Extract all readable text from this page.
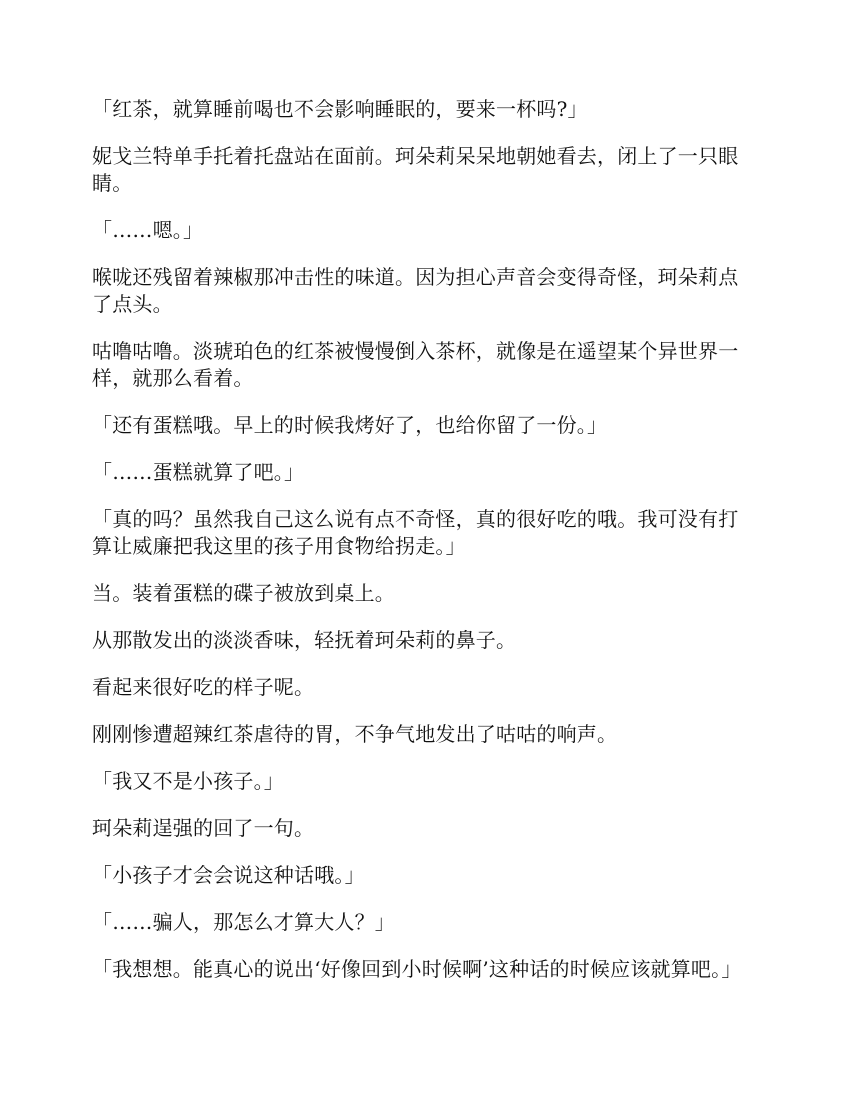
「红茶，就算睡前喝也不会影响睡眠的，要来一杯吗?」

妮戈兰特单手托着托盘站在面前。珂朵莉呆呆地朝她看去，闭上了一只眼睛。

「……嗯。」

喉咙还残留着辣椒那冲击性的味道。因为担心声音会变得奇怪，珂朵莉点了点头。

咕噜咕噜。淡琥珀色的红茶被慢慢倒入茶杯，就像是在遥望某个异世界一样，就那么看着。

「还有蛋糕哦。早上的时候我烤好了，也给你留了一份。」

「……蛋糕就算了吧。」

「真的吗？虽然我自己这么说有点不奇怪，真的很好吃的哦。我可没有打算让威廉把我这里的孩子用食物给拐走。」

当。装着蛋糕的碟子被放到桌上。

从那散发出的淡淡香味，轻抚着珂朵莉的鼻子。

看起来很好吃的样子呢。

刚刚惨遭超辣红茶虐待的胃，不争气地发出了咕咕的响声。

「我又不是小孩子。」

珂朵莉逞强的回了一句。

「小孩子才会会说这种话哦。」

「……骗人，那怎么才算大人？」

「我想想。能真心的说出‘好像回到小时候啊’这种话的时候应该就算吧。」
